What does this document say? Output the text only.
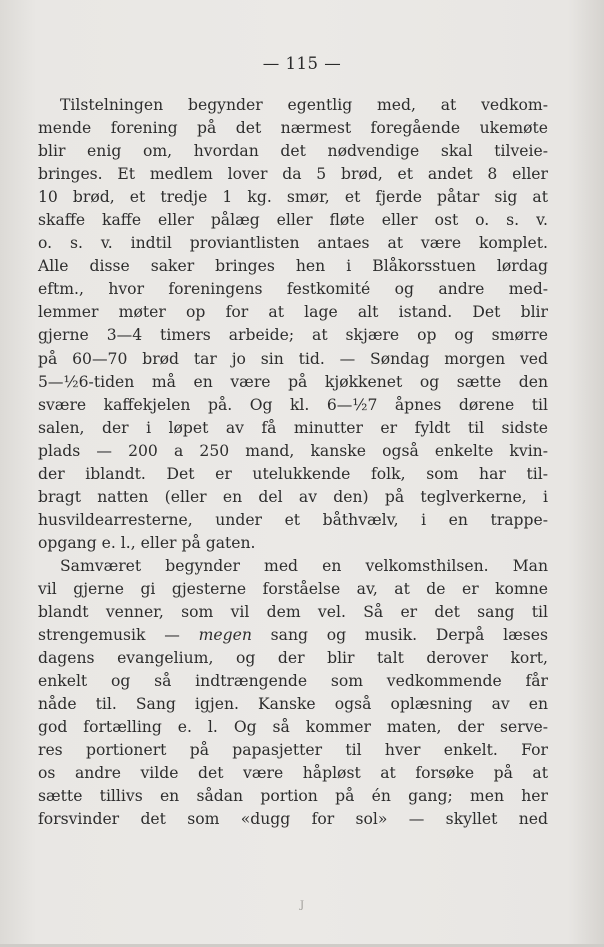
— 115 —
Tilstelningen begynder egentlig med, at vedkom-
mende forening på det nærmest foregående ukemøte
blir enig om, hvordan det nødvendige skal tilveie-
bringes. Et medlem lover da 5 brød, et andet 8 eller
10 brød, et tredje 1 kg. smør, et fjerde påtar sig at
skaffe kaffe eller pålæg eller fløte eller ost o. s. v.
o. s. v. indtil proviantlisten antaes at være komplet.
Alle disse saker bringes hen i Blåkorsstuen lørdag
eftm., hvor foreningens festkomité og andre med-
lemmer møter op for at lage alt istand. Det blir
gjerne 3—4 timers arbeide; at skjære op og smørre
på 60—70 brød tar jo sin tid. — Søndag morgen ved
5—½6-tiden må en være på kjøkkenet og sætte den
svære kaffekjelen på. Og kl. 6—½7 åpnes dørene til
salen, der i løpet av få minutter er fyldt til sidste
plads — 200 a 250 mand, kanske også enkelte kvin-
der iblandt. Det er utelukkende folk, som har til-
bragt natten (eller en del av den) på teglverkerne, i
husvildearresterne, under et båthvælv, i en trappe-
opgang e. l., eller på gaten.
Samværet begynder med en velkomsthilsen. Man
vil gjerne gi gjesterne forståelse av, at de er komne
blandt venner, som vil dem vel. Så er det sang til
strengemusik — megen sang og musik. Derpå læses
dagens evangelium, og der blir talt derover kort,
enkelt og så indtrængende som vedkommende får
nåde til. Sang igjen. Kanske også oplæsning av en
god fortælling e. l. Og så kommer maten, der serve-
res portionert på papasjetter til hver enkelt. For
os andre vilde det være håpløst at forsøke på at
sætte tillivs en sådan portion på én gang; men her
forsvinder det som «dugg for sol» — skyllet ned
J
